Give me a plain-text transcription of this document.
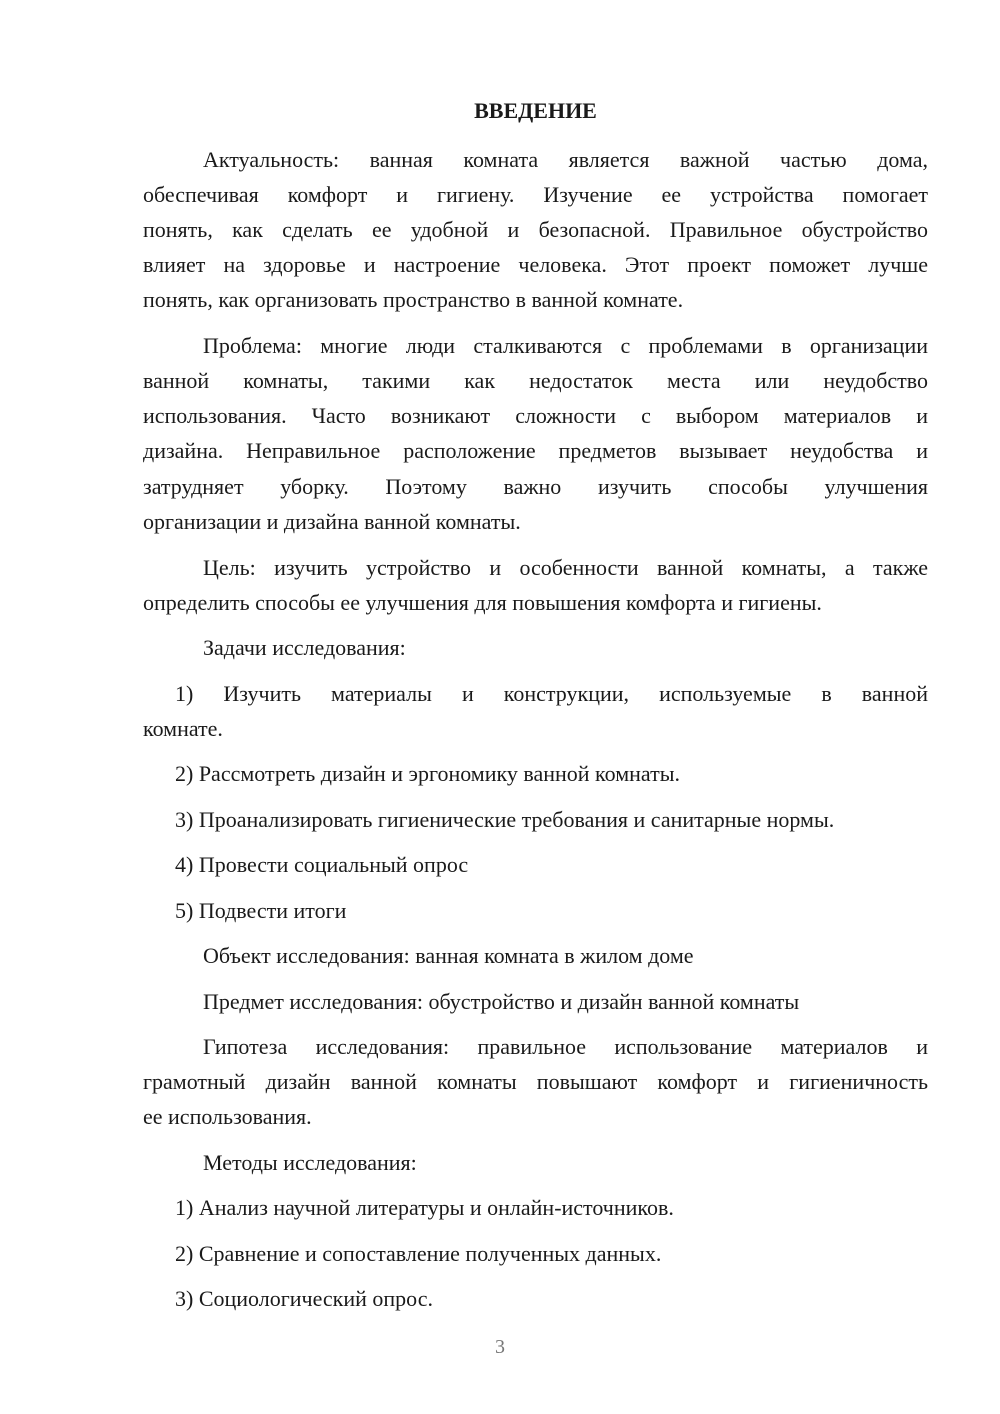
ВВЕДЕНИЕ
Актуальность: ванная комната является важной частью дома,
обеспечивая комфорт и гигиену. Изучение ее устройства помогает
понять, как сделать ее удобной и безопасной. Правильное обустройство
влияет на здоровье и настроение человека. Этот проект поможет лучше
понять, как организовать пространство в ванной комнате.
Проблема: многие люди сталкиваются с проблемами в организации
ванной комнаты, такими как недостаток места или неудобство
использования. Часто возникают сложности с выбором материалов и
дизайна. Неправильное расположение предметов вызывает неудобства и
затрудняет уборку. Поэтому важно изучить способы улучшения
организации и дизайна ванной комнаты.
Цель: изучить устройство и особенности ванной комнаты, а также
определить способы ее улучшения для повышения комфорта и гигиены.
Задачи исследования:
1) Изучить материалы и конструкции, используемые в ванной
комнате.
2) Рассмотреть дизайн и эргономику ванной комнаты.
3) Проанализировать гигиенические требования и санитарные нормы.
4) Провести социальный опрос
5) Подвести итоги
Объект исследования: ванная комната в жилом доме
Предмет исследования: обустройство и дизайн ванной комнаты
Гипотеза исследования: правильное использование материалов и
грамотный дизайн ванной комнаты повышают комфорт и гигиеничность
ее использования.
Методы исследования:
1) Анализ научной литературы и онлайн-источников.
2) Сравнение и сопоставление полученных данных.
3) Социологический опрос.
3
